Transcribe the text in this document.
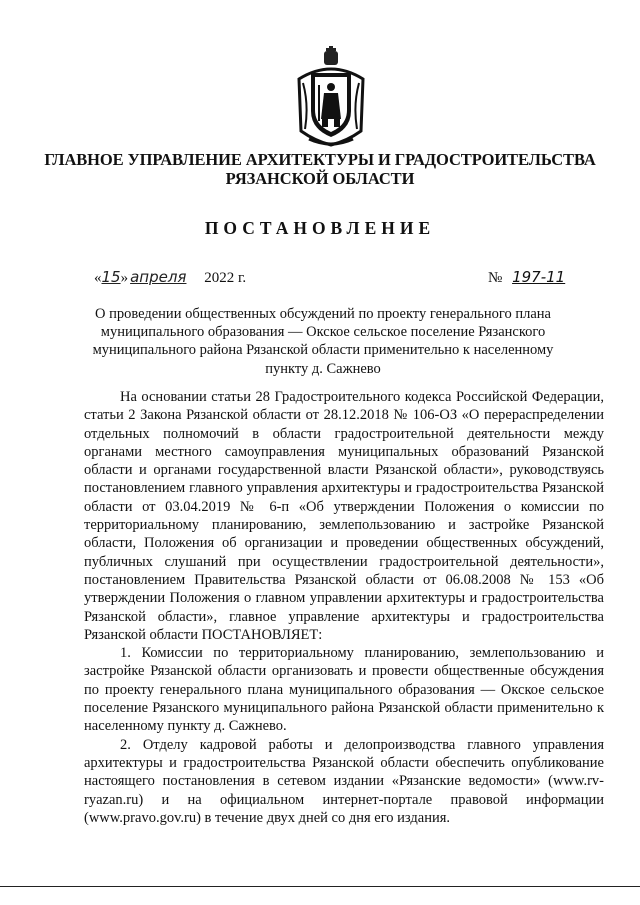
ГЛАВНОЕ УПРАВЛЕНИЕ АРХИТЕКТУРЫ И ГРАДОСТРОИТЕЛЬСТВА
РЯЗАНСКОЙ ОБЛАСТИ
ПОСТАНОВЛЕНИЕ
«15» апреля 2022 г.	№ 197-11
О проведении общественных обсуждений по проекту генерального плана муниципального образования — Окское сельское поселение Рязанского муниципального района Рязанской области применительно к населенному пункту д. Сажнево

На основании статьи 28 Градостроительного кодекса Российской Федерации, статьи 2 Закона Рязанской области от 28.12.2018 № 106-ОЗ «О перераспределении отдельных полномочий в области градостроительной деятельности между органами местного самоуправления муниципальных образований Рязанской области и органами государственной власти Рязанской области», руководствуясь постановлением главного управления архитектуры и градостроительства Рязанской области от 03.04.2019 № 6-п «Об утверждении Положения о комиссии по территориальному планированию, землепользованию и застройке Рязанской области, Положения об организации и проведении общественных обсуждений, публичных слушаний при осуществлении градостроительной деятельности», постановлением Правительства Рязанской области от 06.08.2008 № 153 «Об утверждении Положения о главном управлении архитектуры и градостроительства Рязанской области», главное управление архитектуры и градостроительства Рязанской области ПОСТАНОВЛЯЕТ:

1. Комиссии по территориальному планированию, землепользованию и застройке Рязанской области организовать и провести общественные обсуждения по проекту генерального плана муниципального образования — Окское сельское поселение Рязанского муниципального района Рязанской области применительно к населенному пункту д. Сажнево.

2. Отделу кадровой работы и делопроизводства главного управления архитектуры и градостроительства Рязанской области обеспечить опубликование настоящего постановления в сетевом издании «Рязанские ведомости» (www.rv-ryazan.ru) и на официальном интернет-портале правовой информации (www.pravo.gov.ru) в течение двух дней со дня его издания.
